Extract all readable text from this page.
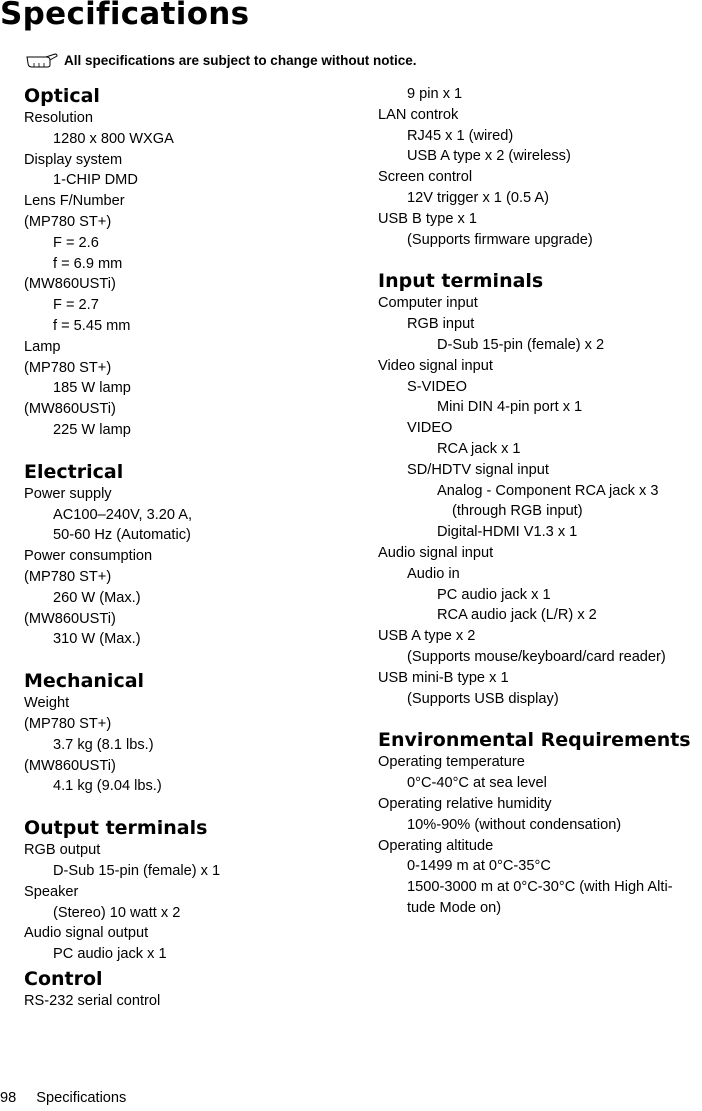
Specifications
All specifications are subject to change without notice.
Optical
Resolution
1280 x 800 WXGA
Display system
1-CHIP DMD
Lens F/Number
(MP780 ST+)
F = 2.6
f = 6.9 mm
(MW860USTi)
F = 2.7
f = 5.45 mm
Lamp
(MP780 ST+)
185 W lamp
(MW860USTi)
225 W lamp
Electrical
Power supply
AC100–240V, 3.20 A,
50-60 Hz (Automatic)
Power consumption
(MP780 ST+)
260 W (Max.)
(MW860USTi)
310 W (Max.)
Mechanical
Weight
(MP780 ST+)
3.7 kg (8.1 lbs.)
(MW860USTi)
4.1 kg (9.04 lbs.)
Output terminals
RGB output
D-Sub 15-pin (female) x 1
Speaker
(Stereo) 10 watt x 2
Audio signal output
PC audio jack x 1
Control
RS-232 serial control
9 pin x 1
LAN controk
RJ45 x 1 (wired)
USB A type x 2 (wireless)
Screen control
12V trigger x 1 (0.5 A)
USB B type x 1
(Supports firmware upgrade)
Input terminals
Computer input
RGB input
D-Sub 15-pin (female) x 2
Video signal input
S-VIDEO
Mini DIN 4-pin port x 1
VIDEO
RCA jack x 1
SD/HDTV signal input
Analog - Component RCA jack x 3
(through RGB input)
Digital-HDMI V1.3 x 1
Audio signal input
Audio in
PC audio jack x 1
RCA audio jack (L/R) x 2
USB A type x 2
(Supports mouse/keyboard/card reader)
USB mini-B type x 1
(Supports USB display)
Environmental Requirements
Operating temperature
0°C-40°C at sea level
Operating relative humidity
10%-90% (without condensation)
Operating altitude
0-1499 m at 0°C-35°C
1500-3000 m at 0°C-30°C (with High Alti-
tude Mode on)
98 Specifications
